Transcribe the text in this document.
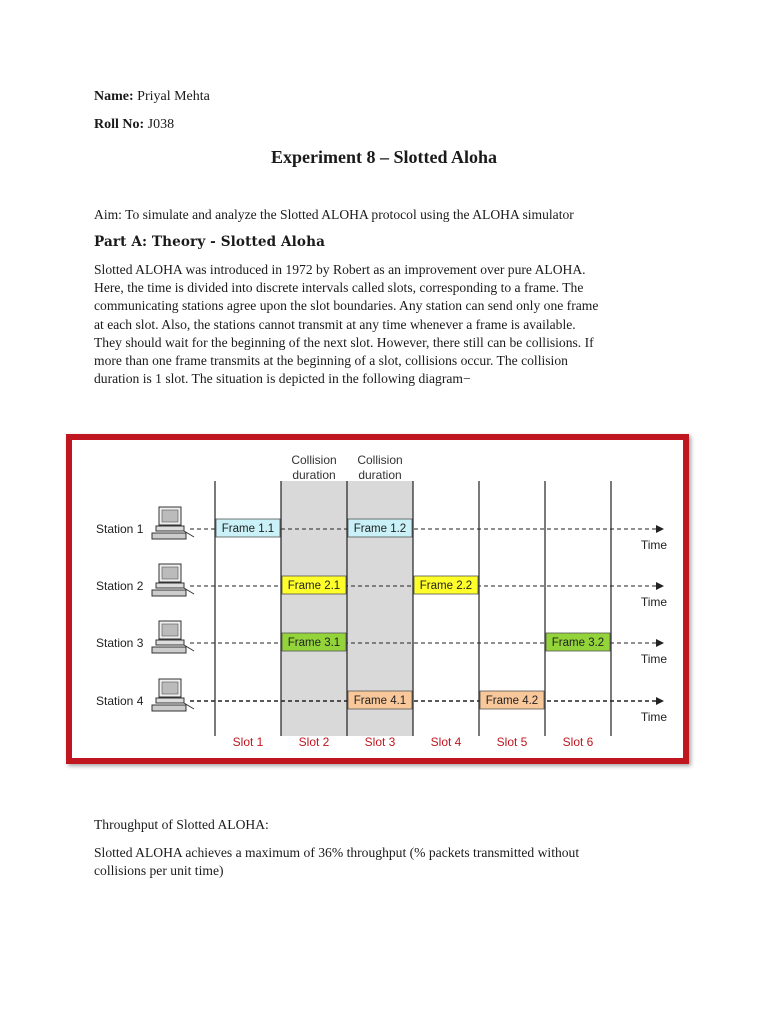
Name: Priyal Mehta
Roll No: J038
Experiment 8 – Slotted Aloha
Aim: To simulate and analyze the Slotted ALOHA protocol using the ALOHA simulator
Part A: Theory - Slotted Aloha
Slotted ALOHA was introduced in 1972 by Robert as an improvement over pure ALOHA.
Here, the time is divided into discrete intervals called slots, corresponding to a frame. The
communicating stations agree upon the slot boundaries. Any station can send only one frame
at each slot. Also, the stations cannot transmit at any time whenever a frame is available.
They should wait for the beginning of the next slot. However, there still can be collisions. If
more than one frame transmits at the beginning of a slot, collisions occur. The collision
duration is 1 slot. The situation is depicted in the following diagram−
Collision
duration
Collision
duration
Station 1
Time
Station 2
Time
Station 3
Time
Station 4
Time
Frame 1.1	Frame 1.2
Frame 2.1	Frame 2.2
Frame 3.1	Frame 3.2
Frame 4.1	Frame 4.2
Slot 1	Slot 2	Slot 3	Slot 4	Slot 5	Slot 6
Throughput of Slotted ALOHA:
Slotted ALOHA achieves a maximum of 36% throughput (% packets transmitted without
collisions per unit time)
